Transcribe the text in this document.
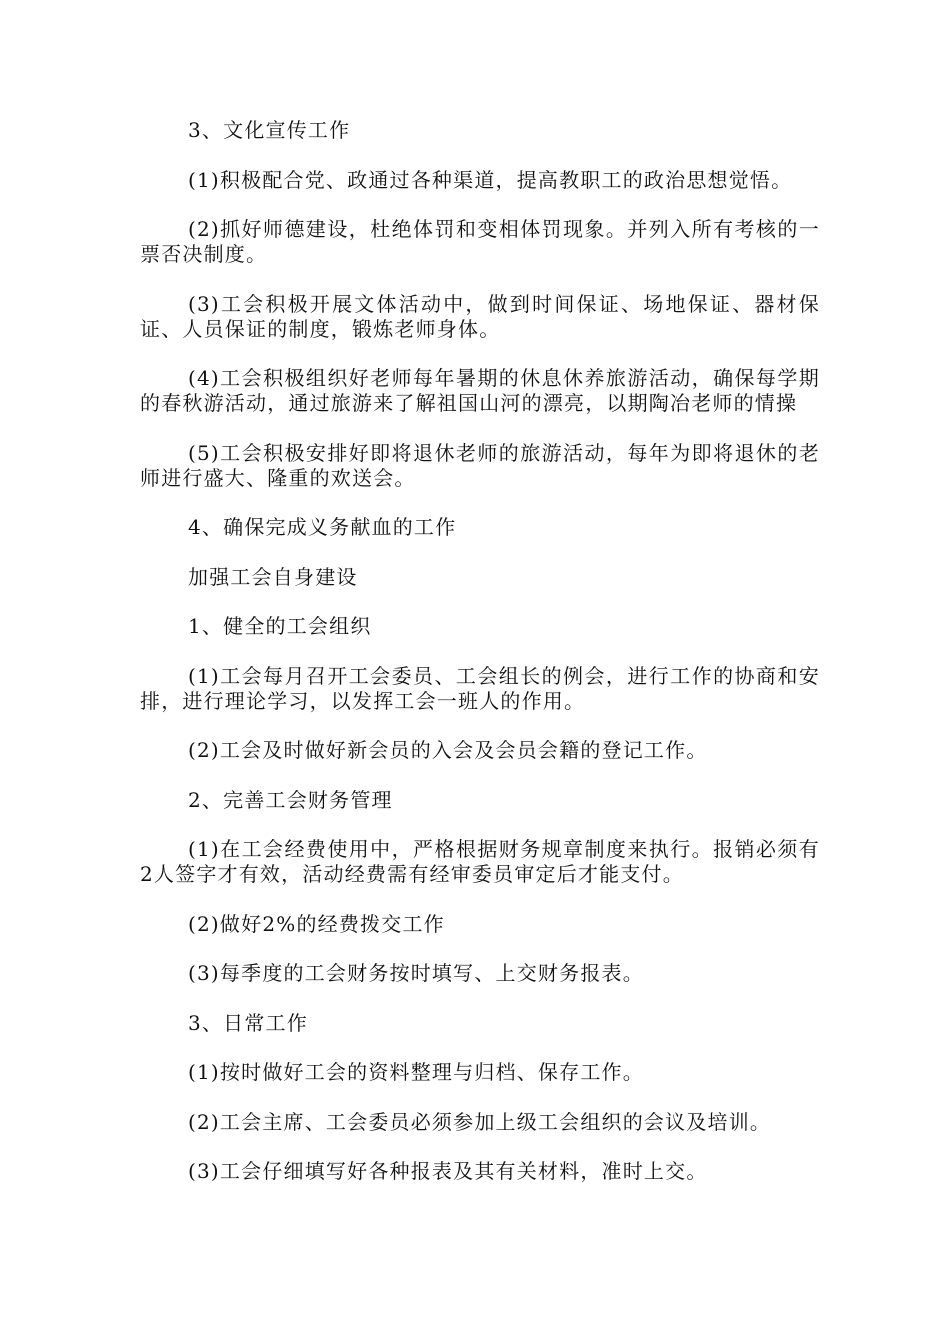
3、文化宣传工作

(1)积极配合党、政通过各种渠道，提高教职工的政治思想觉悟。

(2)抓好师德建设，杜绝体罚和变相体罚现象。并列入所有考核的一票否决制度。

(3)工会积极开展文体活动中，做到时间保证、场地保证、器材保证、人员保证的制度，锻炼老师身体。

(4)工会积极组织好老师每年暑期的休息休养旅游活动，确保每学期的春秋游活动，通过旅游来了解祖国山河的漂亮，以期陶冶老师的情操

(5)工会积极安排好即将退休老师的旅游活动，每年为即将退休的老师进行盛大、隆重的欢送会。

4、确保完成义务献血的工作

加强工会自身建设

1、健全的工会组织

(1)工会每月召开工会委员、工会组长的例会，进行工作的协商和安排，进行理论学习，以发挥工会一班人的作用。

(2)工会及时做好新会员的入会及会员会籍的登记工作。

2、完善工会财务管理

(1)在工会经费使用中，严格根据财务规章制度来执行。报销必须有2人签字才有效，活动经费需有经审委员审定后才能支付。

(2)做好2%的经费拨交工作

(3)每季度的工会财务按时填写、上交财务报表。

3、日常工作

(1)按时做好工会的资料整理与归档、保存工作。

(2)工会主席、工会委员必须参加上级工会组织的会议及培训。

(3)工会仔细填写好各种报表及其有关材料，准时上交。
